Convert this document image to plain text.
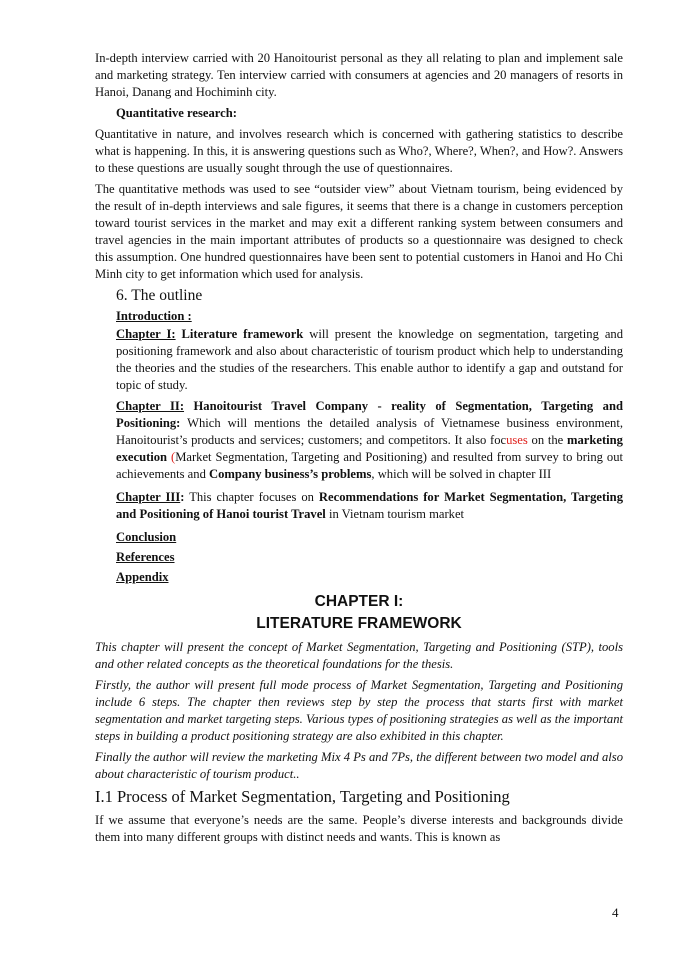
In-depth interview carried with 20 Hanoitourist personal as they all relating to plan and implement sale and marketing strategy. Ten interview carried with consumers at agencies and 20 managers of resorts in Hanoi, Danang and Hochiminh city.

Quantitative research:

Quantitative in nature, and involves research which is concerned with gathering statistics to describe what is happening. In this, it is answering questions such as Who?, Where?, When?, and How?. Answers to these questions are usually sought through the use of questionnaires.

The quantitative methods was used to see “outsider view” about Vietnam tourism, being evidenced by the result of in-depth interviews and sale figures, it seems that there is a change in customers perception toward tourist services in the market and may exit a different ranking system between consumers and travel agencies in the main important attributes of products so a questionnaire was designed to check this assumption. One hundred questionnaires have been sent to potential customers in Hanoi and Ho Chi Minh city to get information which used for analysis.

6. The outline
Introduction :

Chapter I: Literature framework will present the knowledge on segmentation, targeting and positioning framework and also about characteristic of tourism product which help to understanding the theories and the studies of the researchers. This enable author to identify a gap and outstand for topic of study.

Chapter II: Hanoitourist Travel Company - reality of Segmentation, Targeting and Positioning: Which will mentions the detailed analysis of Vietnamese business environment, Hanoitourist’s products and services; customers; and competitors. It also focuses on the marketing execution (Market Segmentation, Targeting and Positioning) and resulted from survey to bring out achievements and Company business’s problems, which will be solved in chapter III

Chapter III: This chapter focuses on Recommendations for Market Segmentation, Targeting and Positioning of Hanoi tourist Travel in Vietnam tourism market

Conclusion
References
Appendix
CHAPTER I:
LITERATURE FRAMEWORK

This chapter will present the concept of Market Segmentation, Targeting and Positioning (STP), tools and other related concepts as the theoretical foundations for the thesis.

Firstly, the author will present full mode process of Market Segmentation, Targeting and Positioning include 6 steps. The chapter then reviews step by step the process that starts first with market segmentation and market targeting steps. Various types of positioning strategies as well as the important steps in building a product positioning strategy are also exhibited in this chapter.

Finally the author will review the marketing Mix 4 Ps and 7Ps, the different between two model and also about characteristic of tourism product..

I.1 Process of Market Segmentation, Targeting and Positioning

If we assume that everyone’s needs are the same. People’s diverse interests and backgrounds divide them into many different groups with distinct needs and wants. This is known as

4
